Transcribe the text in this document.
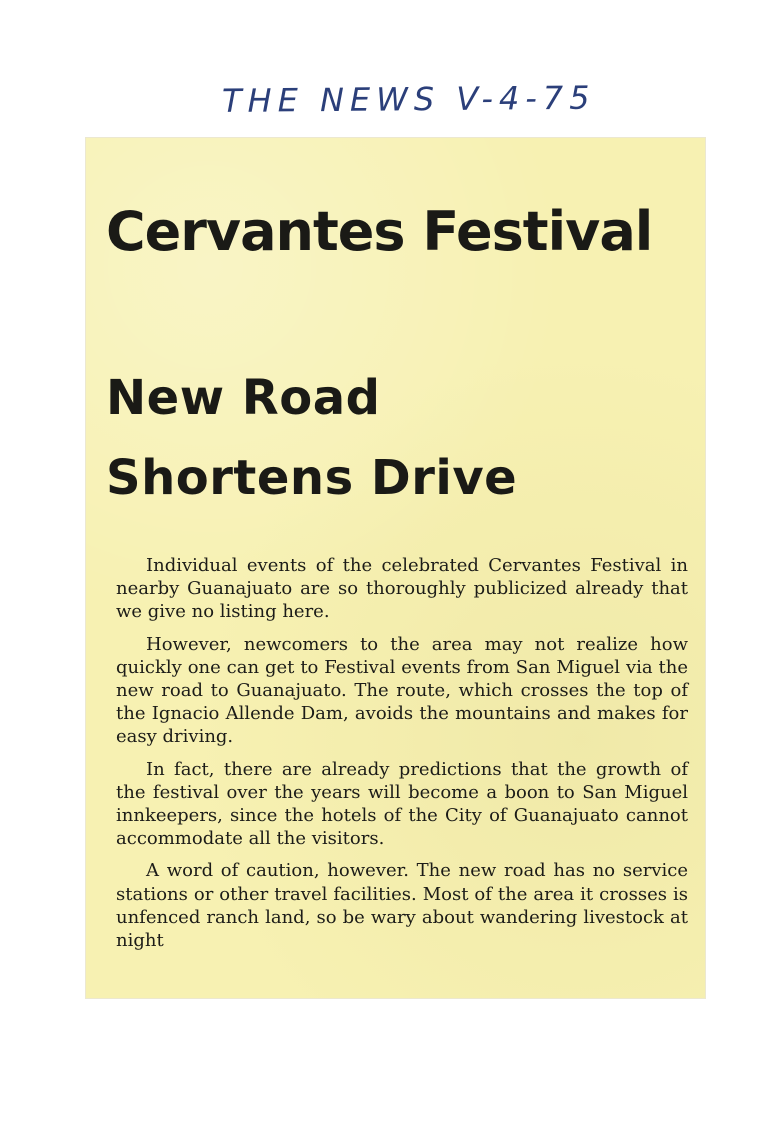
THE NEWS V-4-75
Cervantes Festival
New Road
Shortens Drive

Individual events of the celebrated Cervantes Festival in nearby Guanajuato are so thoroughly publicized already that we give no listing here.

However, newcomers to the area may not realize how quickly one can get to Festival events from San Miguel via the new road to Guanajuato. The route, which crosses the top of the Ignacio Allende Dam, avoids the mountains and makes for easy driving.

In fact, there are already predictions that the growth of the festival over the years will become a boon to San Miguel innkeepers, since the hotels of the City of Guanajuato cannot accommodate all the visitors.

A word of caution, however. The new road has no service stations or other travel facilities. Most of the area it crosses is unfenced ranch land, so be wary about wandering livestock at night
